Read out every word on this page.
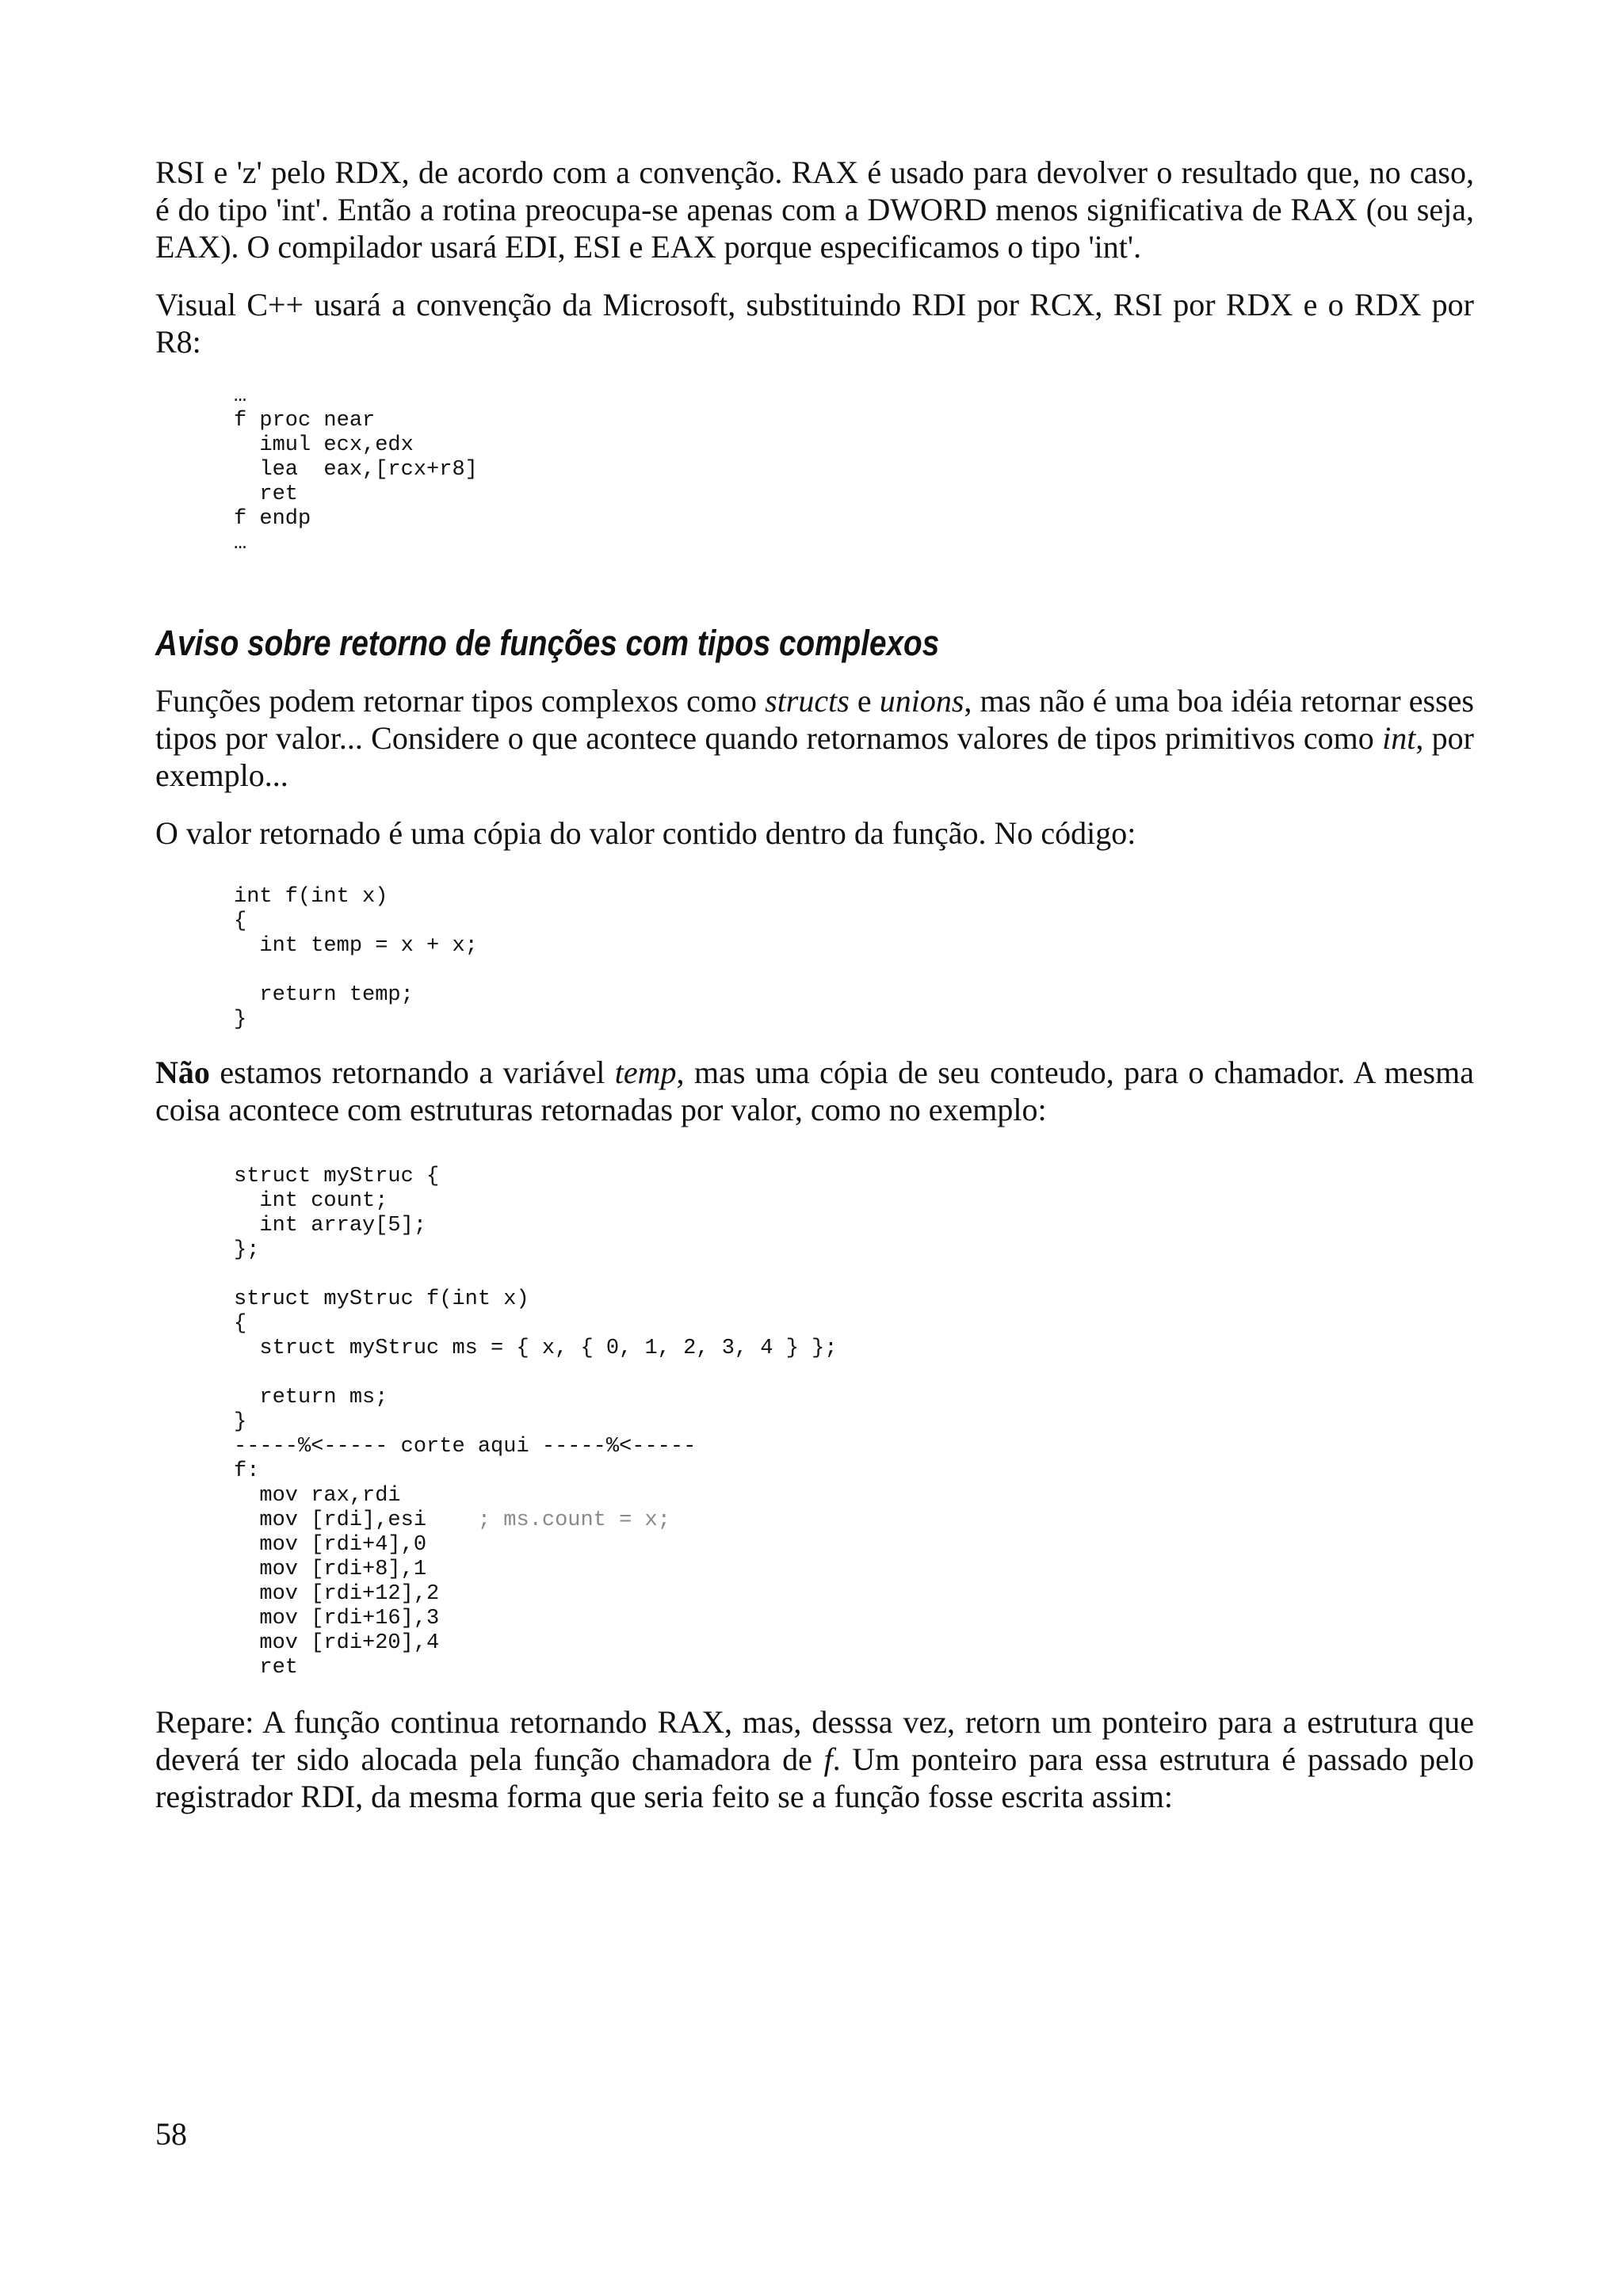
RSI e 'z' pelo RDX, de acordo com a convenção. RAX é usado para devolver o resultado que, no caso, é do tipo 'int'. Então a rotina preocupa-se apenas com a DWORD menos significativa de RAX (ou seja, EAX). O compilador usará EDI, ESI e EAX porque especificamos o tipo 'int'.

Visual C++ usará a convenção da Microsoft, substituindo RDI por RCX, RSI por RDX e o RDX por R8:

…
f proc near
imul ecx,edx
lea  eax,[rcx+r8]
ret
f endp
…
Aviso sobre retorno de funções com tipos complexos

Funções podem retornar tipos complexos como structs e unions, mas não é uma boa idéia retornar esses tipos por valor... Considere o que acontece quando retornamos valores de tipos primitivos como int, por exemplo...

O valor retornado é uma cópia do valor contido dentro da função. No código:

int f(int x)
{
int temp = x + x;
return temp;
}

Não estamos retornando a variável temp, mas uma cópia de seu conteudo, para o chamador. A mesma coisa acontece com estruturas retornadas por valor, como no exemplo:

struct myStruc {
int count;
int array[5];
};
struct myStruc f(int x)
{
struct myStruc ms = { x, { 0, 1, 2, 3, 4 } };
return ms;
}
-----%<----- corte aqui -----%<-----
f:
mov rax,rdi
mov [rdi],esi    ; ms.count = x;
mov [rdi+4],0
mov [rdi+8],1
mov [rdi+12],2
mov [rdi+16],3
mov [rdi+20],4
ret

Repare: A função continua retornando RAX, mas, desssa vez, retorn um ponteiro para a estrutura que deverá ter sido alocada pela função chamadora de f. Um ponteiro para essa estrutura é passado pelo registrador RDI, da mesma forma que seria feito se a função fosse escrita assim:

58
